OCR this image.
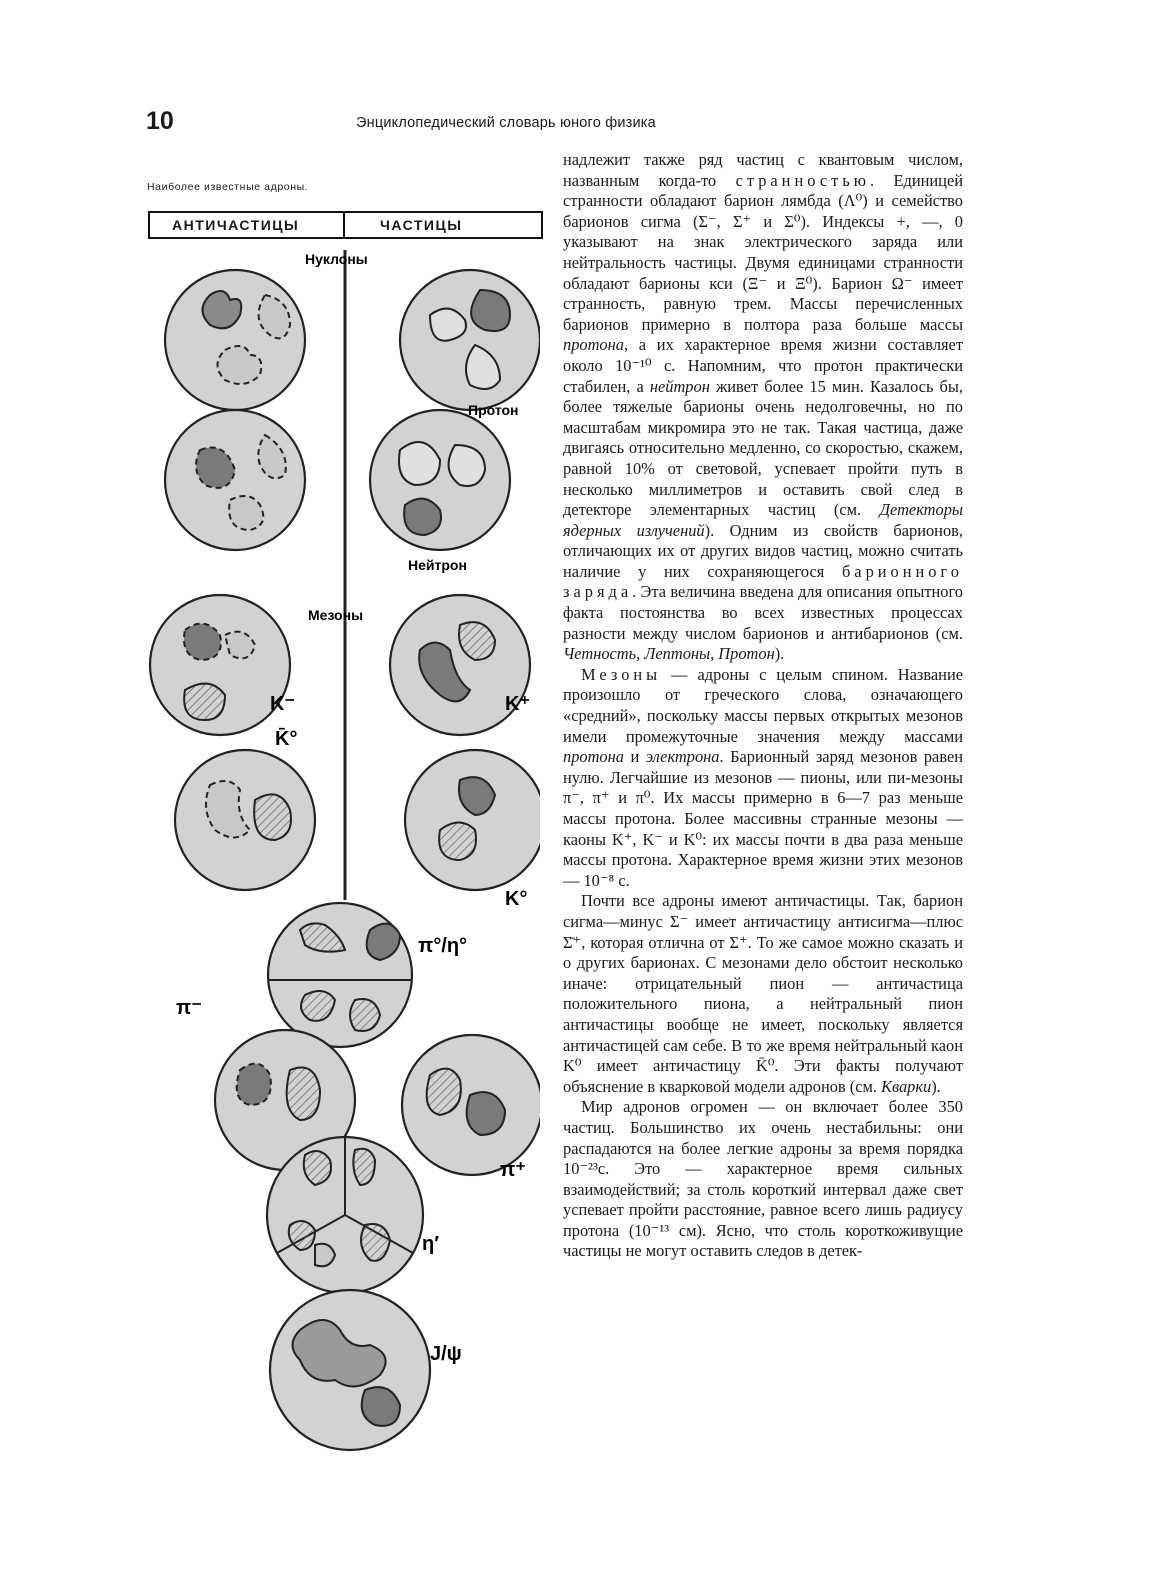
10	Энциклопедический словарь юного физика
Наиболее известные адроны.
АНТИЧАСТИЦЫ	ЧАСТИЦЫ
Нуклоны
Протон
Нейтрон
Мезоны
K⁻
K̄°
K⁺
K°
π°/η°
π⁻
π⁺
η′
J/ψ

надлежит также ряд частиц с квантовым числом, названным когда-то странностью. Единицей странности обладают барион лямбда (Λ⁰) и семейство барионов сигма (Σ⁻, Σ⁺ и Σ⁰). Индексы +, —, 0 указывают на знак электрического заряда или нейтральность частицы. Двумя единицами странности обладают барионы кси (Ξ⁻ и Ξ⁰). Барион Ω⁻ имеет странность, равную трем. Массы перечисленных барионов примерно в полтора раза больше массы протона, а их характерное время жизни составляет около 10⁻¹⁰ с. Напомним, что протон практически стабилен, а нейтрон живет более 15 мин. Казалось бы, более тяжелые барионы очень недолговечны, но по масштабам микромира это не так. Такая частица, даже двигаясь относительно медленно, со скоростью, скажем, равной 10% от световой, успевает пройти путь в несколько миллиметров и оставить свой след в детекторе элементарных частиц (см. Детекторы ядерных излучений). Одним из свойств барионов, отличающих их от других видов частиц, можно считать наличие у них сохраняющегося барионного заряда. Эта величина введена для описания опытного факта постоянства во всех известных процессах разности между числом барионов и антибарионов (см. Четность, Лептоны, Протон).

Мезоны — адроны с целым спином. Название произошло от греческого слова, означающего «средний», поскольку массы первых открытых мезонов имели промежуточные значения между массами протона и электрона. Барионный заряд мезонов равен нулю. Легчайшие из мезонов — пионы, или пи-мезоны π⁻, π⁺ и π⁰. Их массы примерно в 6—7 раз меньше массы протона. Более массивны странные мезоны — каоны K⁺, K⁻ и K⁰: их массы почти в два раза меньше массы протона. Характерное время жизни этих мезонов — 10⁻⁸ с.

Почти все адроны имеют античастицы. Так, барион сигма—минус Σ⁻ имеет античастицу антисигма—плюс Σ̄⁺, которая отлична от Σ⁺. То же самое можно сказать и о других барионах. С мезонами дело обстоит несколько иначе: отрицательный пион — античастица положительного пиона, а нейтральный пион античастицы вообще не имеет, поскольку является античастицей сам себе. В то же время нейтральный каон K⁰ имеет античастицу K̄⁰. Эти факты получают объяснение в кварковой модели адронов (см. Кварки).

Мир адронов огромен — он включает более 350 частиц. Большинство их очень нестабильны: они распадаются на более легкие адроны за время порядка 10⁻²³с. Это — характерное время сильных взаимодействий; за столь короткий интервал даже свет успевает пройти расстояние, равное всего лишь радиусу протона (10⁻¹³ см). Ясно, что столь короткоживущие частицы не могут оставить следов в детек-
